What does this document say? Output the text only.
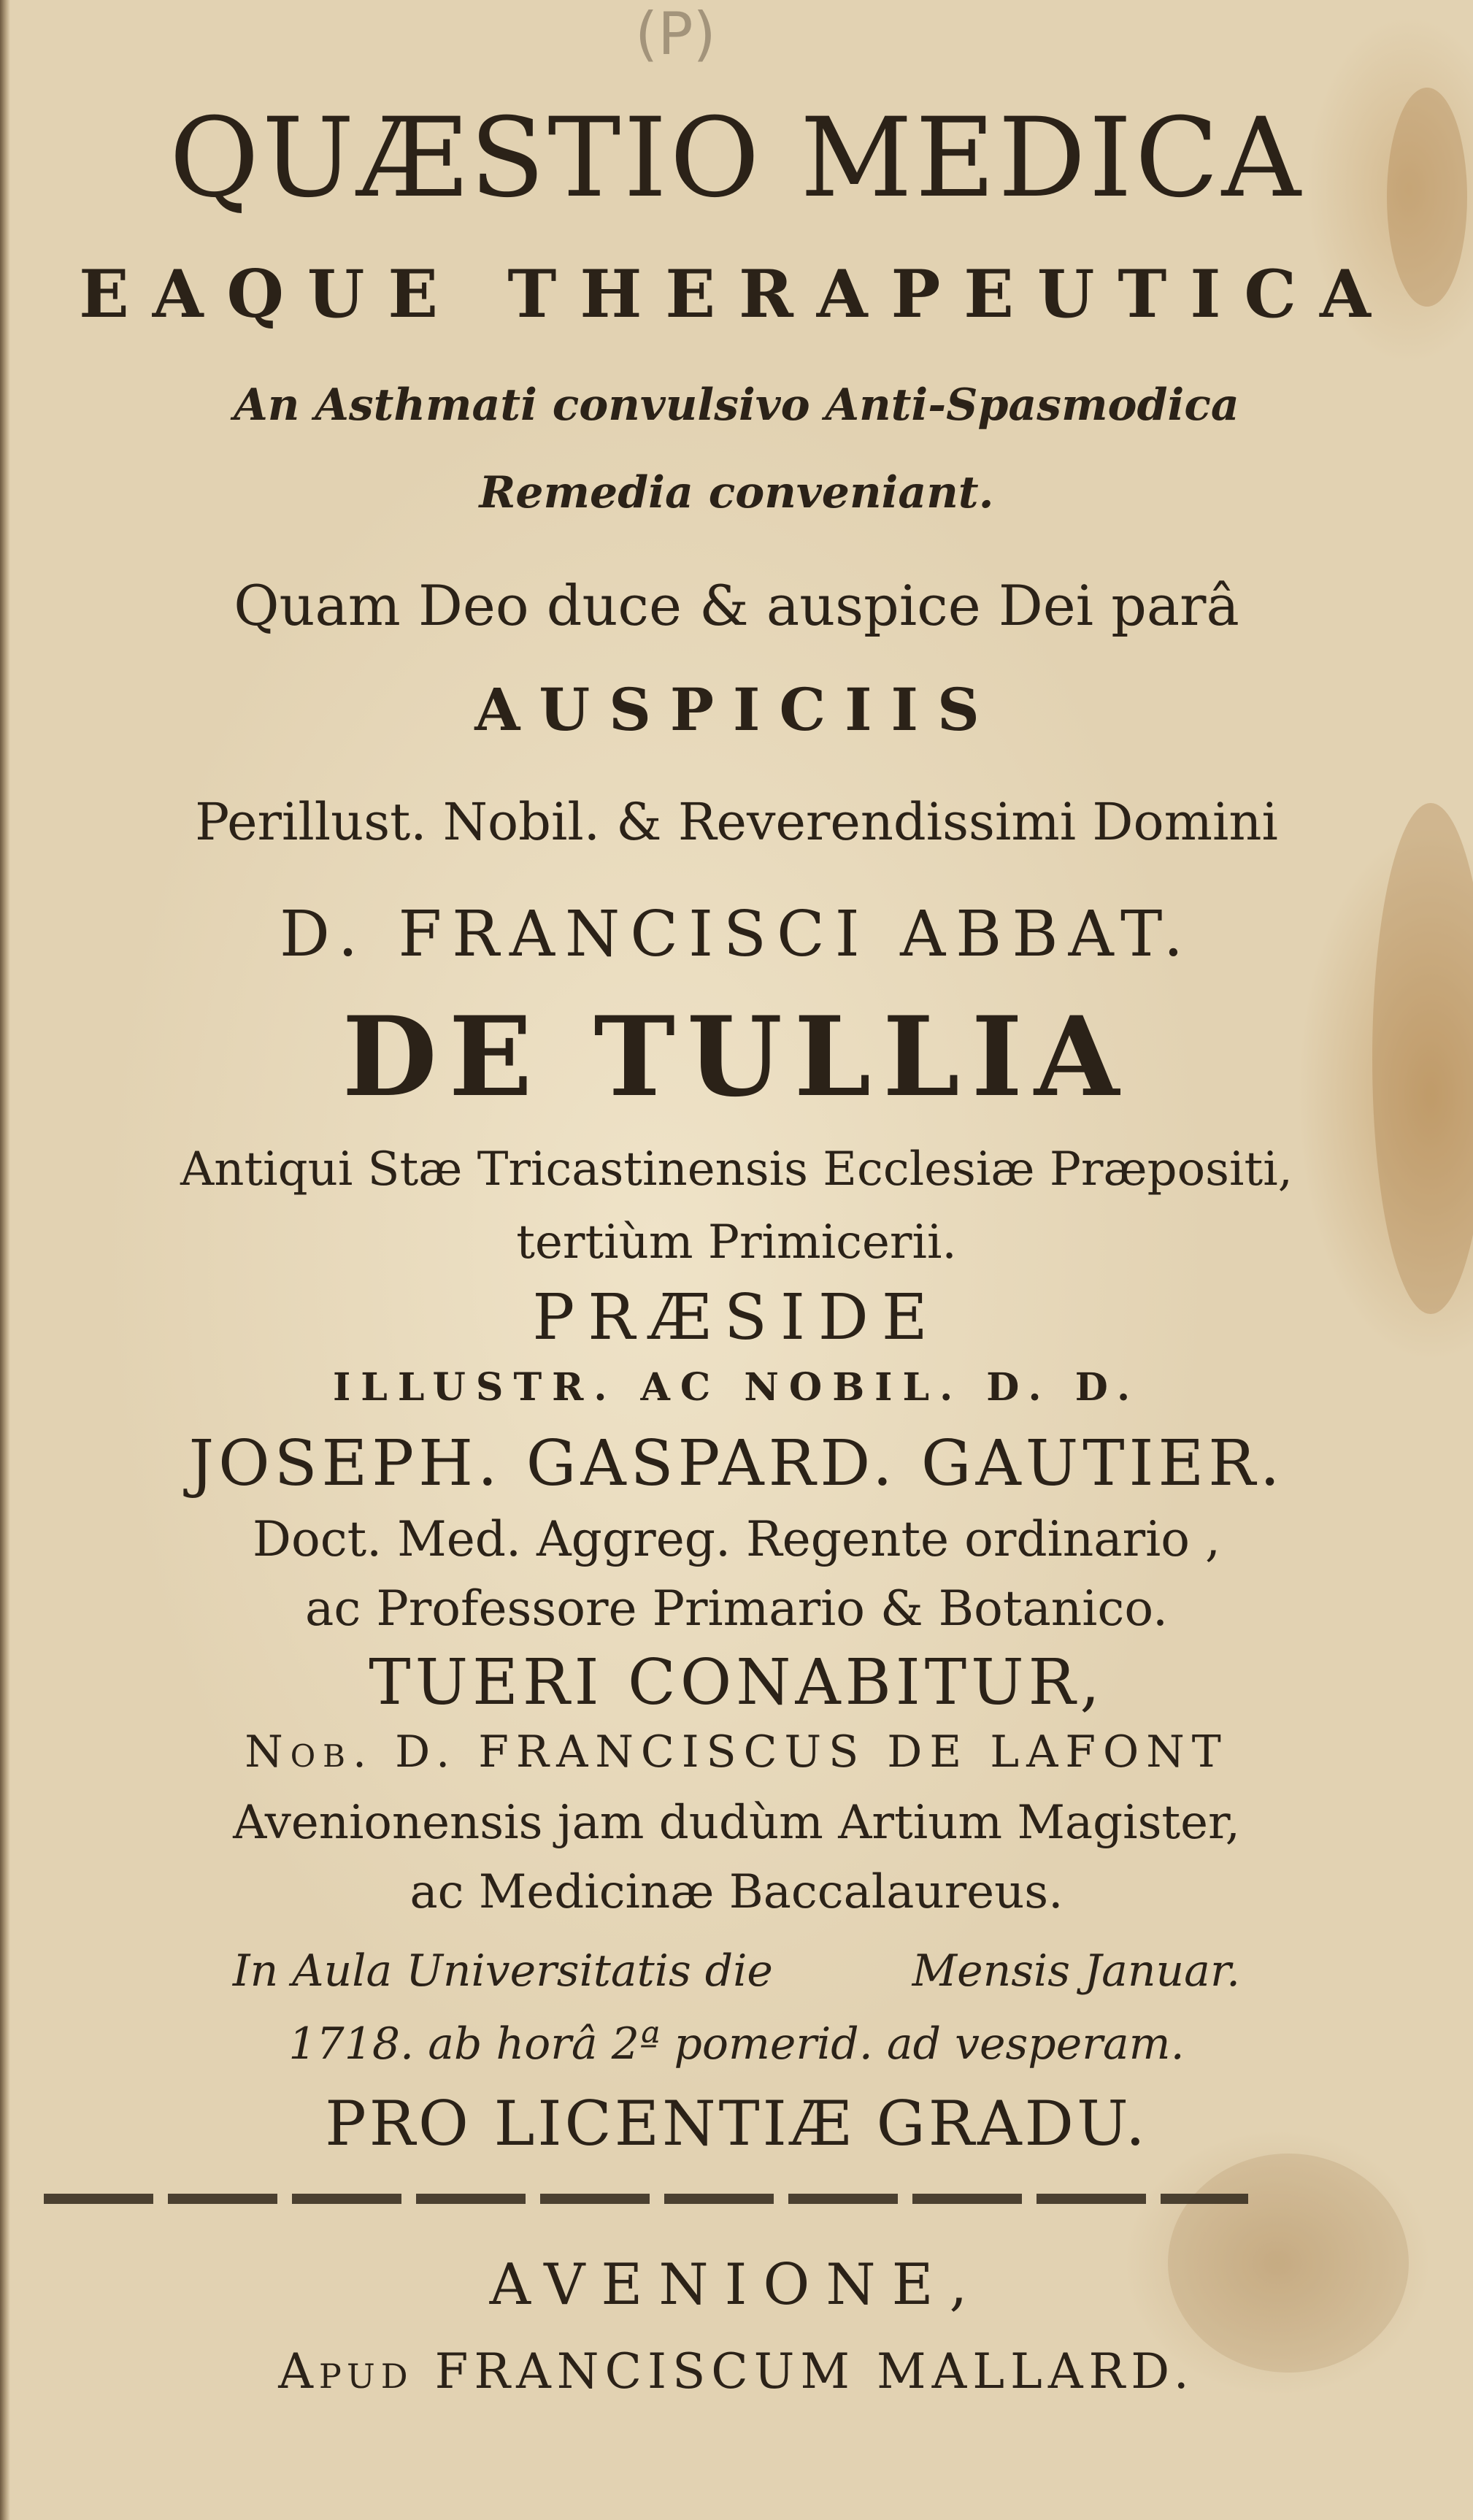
(P)

QUÆSTIO MEDICA

EAQUE THERAPEUTICA

An Asthmati convulsivo Anti-Spasmodica

Remedia conveniant.

Quam Deo duce & auspice Dei parâ

AUSPICIIS

Perillust. Nobil. & Reverendissimi Domini

D. FRANCISCI ABBAT.

DE TULLIA

Antiqui Stæ Tricastinensis Ecclesiæ Præpositi,

tertiùm Primicerii.

PRÆSIDE

ILLUSTR. AC NOBIL. D. D.

JOSEPH. GASPARD. GAUTIER.

Doct. Med. Aggreg. Regente ordinario ,

ac Professore Primario & Botanico.

TUERI CONABITUR,

Nob. D. FRANCISCUS DE LAFONT

Avenionensis jam dudùm Artium Magister,

ac Medicinæ Baccalaureus.

In Aula Universitatis die          Mensis Januar.

1718. ab horâ 2ª pomerid. ad vesperam.

PRO LICENTIÆ GRADU.

AVENIONE,

Apud FRANCISCUM MALLARD.
